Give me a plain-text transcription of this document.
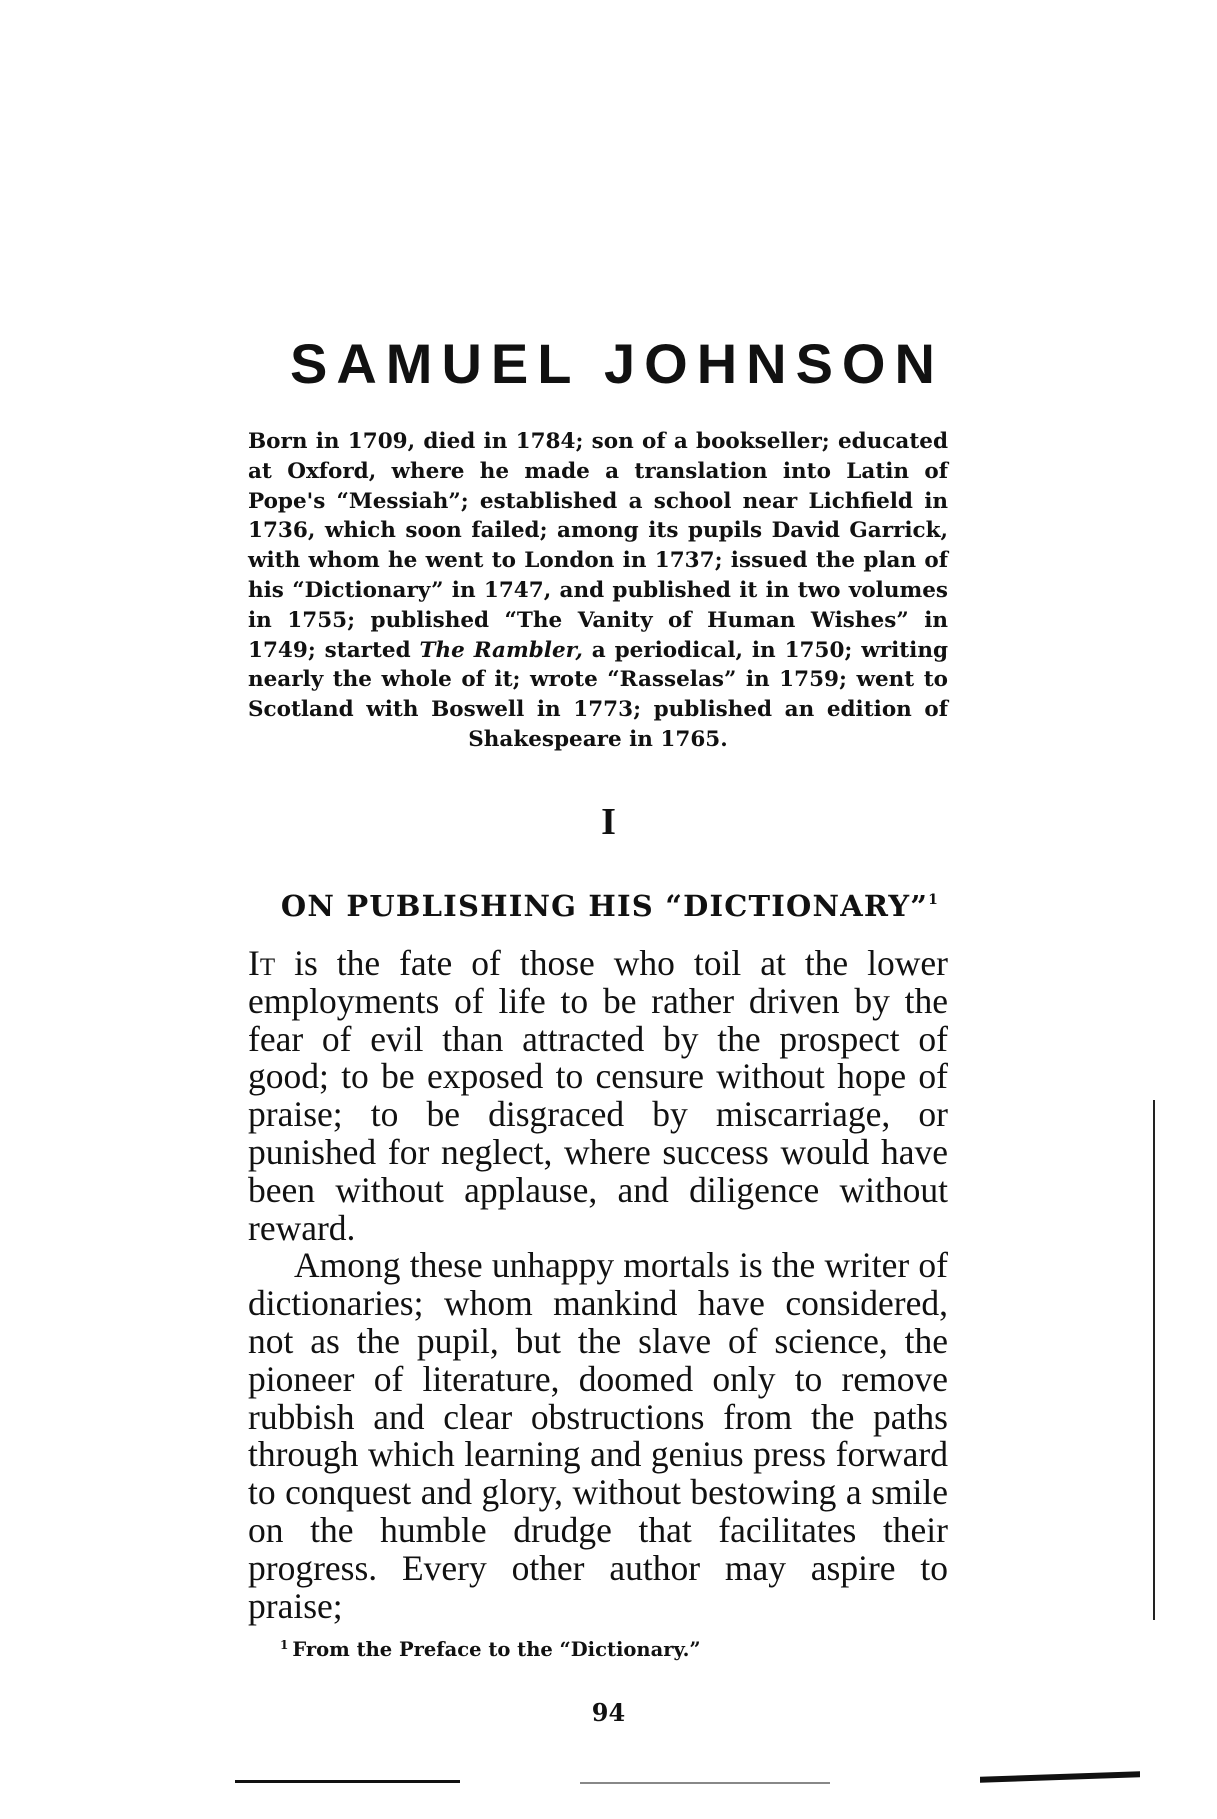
SAMUEL JOHNSON
Born in 1709, died in 1784; son of a bookseller; educated at Oxford, where he made a translation into Latin of Pope's “Messiah”; established a school near Lichfield in 1736, which soon failed; among its pupils David Garrick, with whom he went to London in 1737; issued the plan of his “Dictionary” in 1747, and published it in two volumes in 1755; published “The Vanity of Human Wishes” in 1749; started The Rambler, a periodical, in 1750; writing nearly the whole of it; wrote “Rasselas” in 1759; went to Scotland with Boswell in 1773; published an edition of Shakespeare in 1765.
I
ON PUBLISHING HIS “DICTIONARY”$^1$

It is the fate of those who toil at the lower employments of life to be rather driven by the fear of evil than attracted by the prospect of good; to be exposed to censure without hope of praise; to be disgraced by miscarriage, or punished for neglect, where success would have been without applause, and diligence without reward.

Among these unhappy mortals is the writer of dictionaries; whom mankind have considered, not as the pupil, but the slave of science, the pioneer of literature, doomed only to remove rubbish and clear obstructions from the paths through which learning and genius press forward to conquest and glory, without bestowing a smile on the humble drudge that facilitates their progress. Every other author may aspire to praise;

$^1$ From the Preface to the “Dictionary.”
94
